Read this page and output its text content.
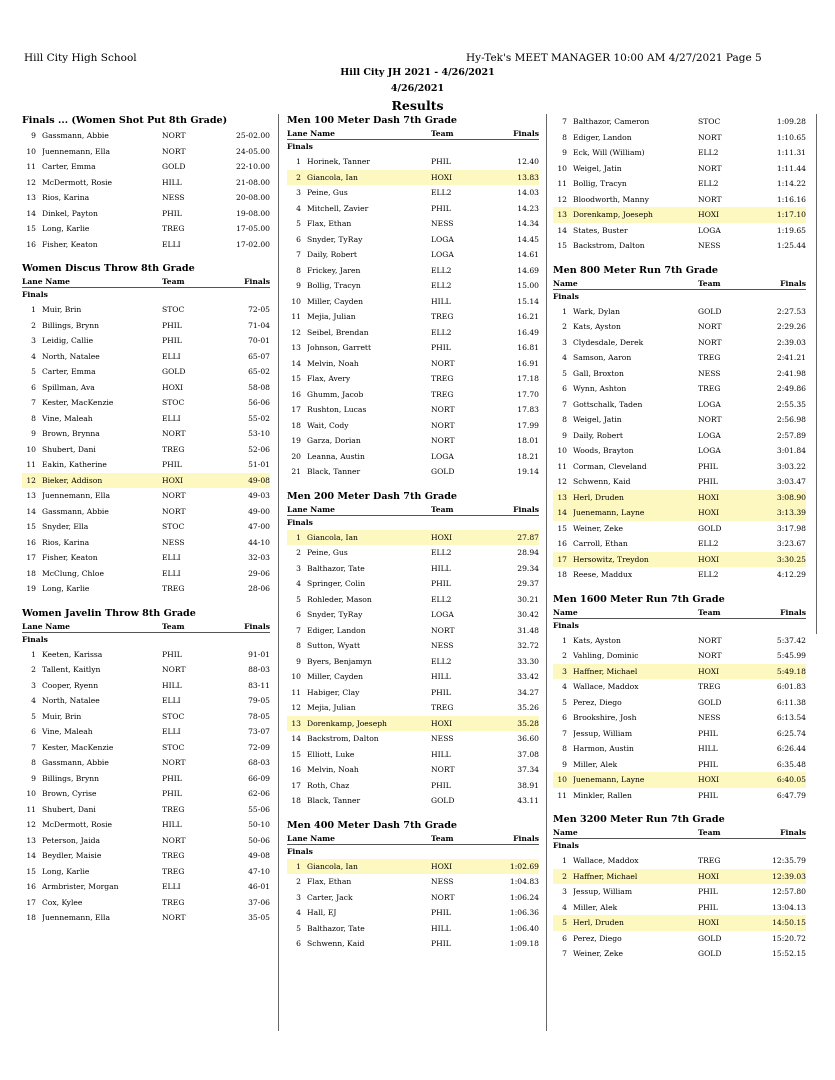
Hill City High School	Hy-Tek's MEET MANAGER 10:00 AM 4/27/2021 Page 5
Hill City JH 2021 - 4/26/2021
4/26/2021
Results
Finals ... (Women Shot Put 8th Grade)
9 Gassmann, Abbie	NORT	25-02.00
10 Juennemann, Ella	NORT	24-05.00
11 Carter, Emma	GOLD	22-10.00
12 McDermott, Rosie	HILL	21-08.00
13 Rios, Karina	NESS	20-08.00
14 Dinkel, Payton	PHIL	19-08.00
15 Long, Karlie	TREG	17-05.00
16 Fisher, Keaton	ELLI	17-02.00
Women Discus Throw 8th Grade
Lane Name	Team	Finals
Finals
1 Muir, Brin	STOC	72-05
2 Billings, Brynn	PHIL	71-04
3 Leidig, Callie	PHIL	70-01
4 North, Natalee	ELLI	65-07
5 Carter, Emma	GOLD	65-02
6 Spillman, Ava	HOXI	58-08
7 Kester, MacKenzie	STOC	56-06
8 Vine, Maleah	ELLI	55-02
9 Brown, Brynna	NORT	53-10
10 Shubert, Dani	TREG	52-06
11 Eakin, Katherine	PHIL	51-01
12 Bieker, Addison	HOXI	49-08
13 Juennemann, Ella	NORT	49-03
14 Gassmann, Abbie	NORT	49-00
15 Snyder, Ella	STOC	47-00
16 Rios, Karina	NESS	44-10
17 Fisher, Keaton	ELLI	32-03
18 McClung, Chloe	ELLI	29-06
19 Long, Karlie	TREG	28-06
Women Javelin Throw 8th Grade
Lane Name	Team	Finals
Finals
1 Keeten, Karissa	PHIL	91-01
2 Tallent, Kaitlyn	NORT	88-03
3 Cooper, Ryenn	HILL	83-11
4 North, Natalee	ELLI	79-05
5 Muir, Brin	STOC	78-05
6 Vine, Maleah	ELLI	73-07
7 Kester, MacKenzie	STOC	72-09
8 Gassmann, Abbie	NORT	68-03
9 Billings, Brynn	PHIL	66-09
10 Brown, Cyrise	PHIL	62-06
11 Shubert, Dani	TREG	55-06
12 McDermott, Rosie	HILL	50-10
13 Peterson, Jaida	NORT	50-06
14 Beydler, Maisie	TREG	49-08
15 Long, Karlie	TREG	47-10
16 Armbrister, Morgan	ELLI	46-01
17 Cox, Kylee	TREG	37-06
18 Juennemann, Ella	NORT	35-05
Men 100 Meter Dash 7th Grade
Lane Name	Team	Finals
Finals
1 Horinek, Tanner	PHIL	12.40
2 Giancola, Ian	HOXI	13.83
3 Peine, Gus	ELL2	14.03
4 Mitchell, Zavier	PHIL	14.23
5 Flax, Ethan	NESS	14.34
6 Snyder, TyRay	LOGA	14.45
7 Daily, Robert	LOGA	14.61
8 Frickey, Jaren	ELL2	14.69
9 Bollig, Tracyn	ELL2	15.00
10 Miller, Cayden	HILL	15.14
11 Mejia, Julian	TREG	16.21
12 Seibel, Brendan	ELL2	16.49
13 Johnson, Garrett	PHIL	16.81
14 Melvin, Noah	NORT	16.91
15 Flax, Avery	TREG	17.18
16 Ghumm, Jacob	TREG	17.70
17 Rushton, Lucas	NORT	17.83
18 Wait, Cody	NORT	17.99
19 Garza, Dorian	NORT	18.01
20 Leanna, Austin	LOGA	18.21
21 Black, Tanner	GOLD	19.14
Men 200 Meter Dash 7th Grade
Lane Name	Team	Finals
Finals
1 Giancola, Ian	HOXI	27.87
2 Peine, Gus	ELL2	28.94
3 Balthazor, Tate	HILL	29.34
4 Springer, Colin	PHIL	29.37
5 Rohleder, Mason	ELL2	30.21
6 Snyder, TyRay	LOGA	30.42
7 Ediger, Landon	NORT	31.48
8 Sutton, Wyatt	NESS	32.72
9 Byers, Benjamyn	ELL2	33.30
10 Miller, Cayden	HILL	33.42
11 Habiger, Clay	PHIL	34.27
12 Mejia, Julian	TREG	35.26
13 Dorenkamp, Joeseph	HOXI	35.28
14 Backstrom, Dalton	NESS	36.60
15 Elliott, Luke	HILL	37.08
16 Melvin, Noah	NORT	37.34
17 Roth, Chaz	PHIL	38.91
18 Black, Tanner	GOLD	43.11
Men 400 Meter Dash 7th Grade
Lane Name	Team	Finals
Finals
1 Giancola, Ian	HOXI	1:02.69
2 Flax, Ethan	NESS	1:04.83
3 Carter, Jack	NORT	1:06.24
4 Hall, EJ	PHIL	1:06.36
5 Balthazor, Tate	HILL	1:06.40
6 Schwenn, Kaid	PHIL	1:09.18
7 Balthazor, Cameron	STOC	1:09.28
8 Ediger, Landon	NORT	1:10.65
9 Eck, Will (William)	ELL2	1:11.31
10 Weigel, Jatin	NORT	1:11.44
11 Bollig, Tracyn	ELL2	1:14.22
12 Bloodworth, Manny	NORT	1:16.16
13 Dorenkamp, Joeseph	HOXI	1:17.10
14 States, Buster	LOGA	1:19.65
15 Backstrom, Dalton	NESS	1:25.44
Men 800 Meter Run 7th Grade
Name	Team	Finals
Finals
1 Wark, Dylan	GOLD	2:27.53
2 Kats, Ayston	NORT	2:29.26
3 Clydesdale, Derek	NORT	2:39.03
4 Samson, Aaron	TREG	2:41.21
5 Gall, Broxton	NESS	2:41.98
6 Wynn, Ashton	TREG	2:49.86
7 Gottschalk, Taden	LOGA	2:55.35
8 Weigel, Jatin	NORT	2:56.98
9 Daily, Robert	LOGA	2:57.89
10 Woods, Brayton	LOGA	3:01.84
11 Corman, Cleveland	PHIL	3:03.22
12 Schwenn, Kaid	PHIL	3:03.47
13 Herl, Druden	HOXI	3:08.90
14 Juenemann, Layne	HOXI	3:13.39
15 Weiner, Zeke	GOLD	3:17.98
16 Carroll, Ethan	ELL2	3:23.67
17 Hersowitz, Treydon	HOXI	3:30.25
18 Reese, Maddux	ELL2	4:12.29
Men 1600 Meter Run 7th Grade
Name	Team	Finals
Finals
1 Kats, Ayston	NORT	5:37.42
2 Vahling, Dominic	NORT	5:45.99
3 Haffner, Michael	HOXI	5:49.18
4 Wallace, Maddox	TREG	6:01.83
5 Perez, Diego	GOLD	6:11.38
6 Brookshire, Josh	NESS	6:13.54
7 Jessup, William	PHIL	6:25.74
8 Harmon, Austin	HILL	6:26.44
9 Miller, Alek	PHIL	6:35.48
10 Juenemann, Layne	HOXI	6:40.05
11 Minkler, Rallen	PHIL	6:47.79
Men 3200 Meter Run 7th Grade
Name	Team	Finals
Finals
1 Wallace, Maddox	TREG	12:35.79
2 Haffner, Michael	HOXI	12:39.03
3 Jessup, William	PHIL	12:57.80
4 Miller, Alek	PHIL	13:04.13
5 Herl, Druden	HOXI	14:50.15
6 Perez, Diego	GOLD	15:20.72
7 Weiner, Zeke	GOLD	15:52.15
